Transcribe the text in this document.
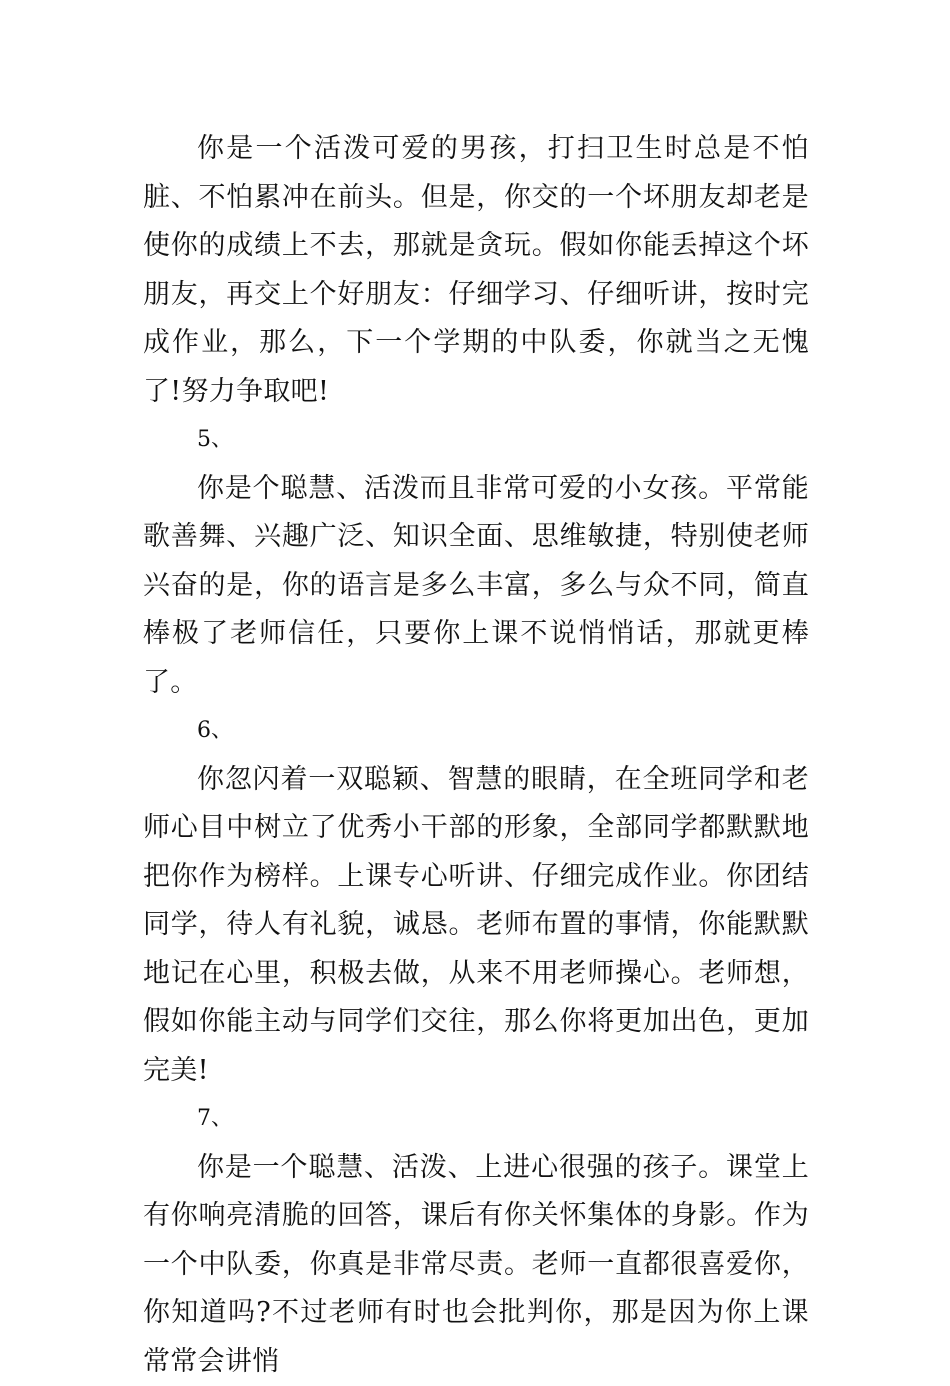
你是一个活泼可爱的男孩，打扫卫生时总是不怕脏、不怕累冲在前头。但是，你交的一个坏朋友却老是使你的成绩上不去，那就是贪玩。假如你能丢掉这个坏朋友，再交上个好朋友：仔细学习、仔细听讲，按时完成作业，那么，下一个学期的中队委，你就当之无愧了!努力争取吧!

5、

你是个聪慧、活泼而且非常可爱的小女孩。平常能歌善舞、兴趣广泛、知识全面、思维敏捷，特别使老师兴奋的是，你的语言是多么丰富，多么与众不同，简直棒极了老师信任，只要你上课不说悄悄话，那就更棒了。

6、

你忽闪着一双聪颖、智慧的眼睛，在全班同学和老师心目中树立了优秀小干部的形象，全部同学都默默地把你作为榜样。上课专心听讲、仔细完成作业。你团结同学，待人有礼貌，诚恳。老师布置的事情，你能默默地记在心里，积极去做，从来不用老师操心。老师想，假如你能主动与同学们交往，那么你将更加出色，更加完美!

7、

你是一个聪慧、活泼、上进心很强的孩子。课堂上有你响亮清脆的回答，课后有你关怀集体的身影。作为一个中队委，你真是非常尽责。老师一直都很喜爱你，你知道吗?不过老师有时也会批判你，那是因为你上课常常会讲悄
